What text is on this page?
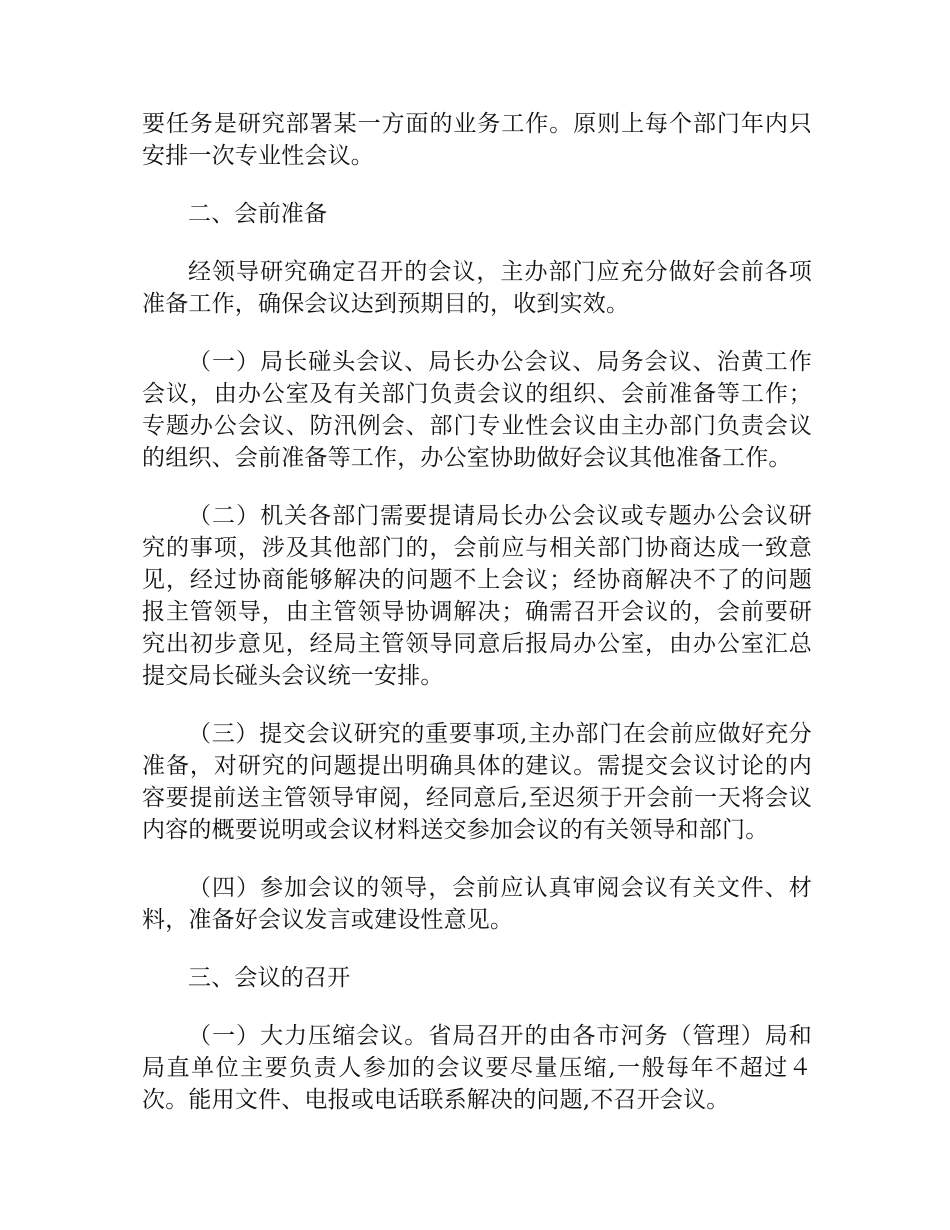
要任务是研究部署某一方面的业务工作。原则上每个部门年内只安排一次专业性会议。

二、会前准备

经领导研究确定召开的会议，主办部门应充分做好会前各项准备工作，确保会议达到预期目的，收到实效。

（一）局长碰头会议、局长办公会议、局务会议、治黄工作会议，由办公室及有关部门负责会议的组织、会前准备等工作；专题办公会议、防汛例会、部门专业性会议由主办部门负责会议的组织、会前准备等工作，办公室协助做好会议其他准备工作。

（二）机关各部门需要提请局长办公会议或专题办公会议研究的事项，涉及其他部门的，会前应与相关部门协商达成一致意见，经过协商能够解决的问题不上会议；经协商解决不了的问题报主管领导，由主管领导协调解决；确需召开会议的，会前要研究出初步意见，经局主管领导同意后报局办公室，由办公室汇总提交局长碰头会议统一安排。

（三）提交会议研究的重要事项,主办部门在会前应做好充分准备，对研究的问题提出明确具体的建议。需提交会议讨论的内容要提前送主管领导审阅，经同意后,至迟须于开会前一天将会议内容的概要说明或会议材料送交参加会议的有关领导和部门。

（四）参加会议的领导，会前应认真审阅会议有关文件、材料，准备好会议发言或建设性意见。

三、会议的召开

（一）大力压缩会议。省局召开的由各市河务（管理）局和局直单位主要负责人参加的会议要尽量压缩,一般每年不超过４次。能用文件、电报或电话联系解决的问题,不召开会议。
